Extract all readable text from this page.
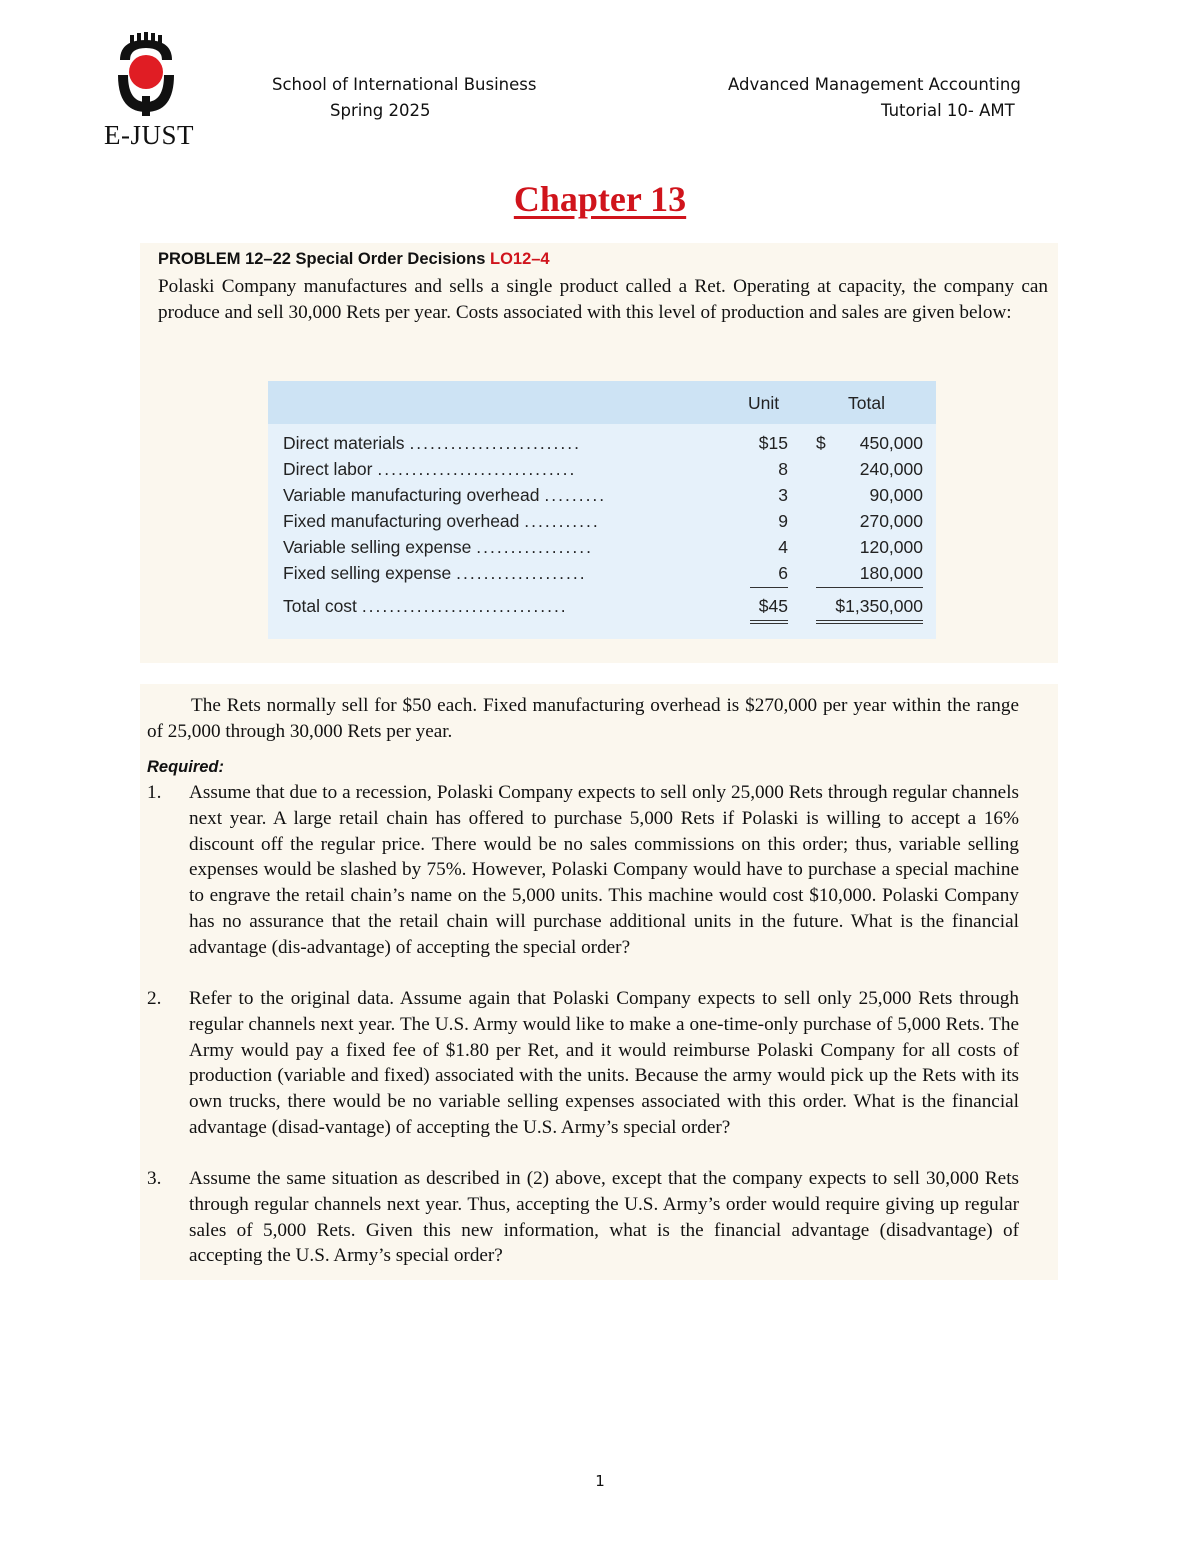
E-JUST
School of International Business
Spring 2025
Advanced Management Accounting
Tutorial 10- AMT
Chapter 13
PROBLEM 12–22 Special Order Decisions LO12–4
Polaski Company manufactures and sells a single product called a Ret. Operating at capacity, the company can produce and sell 30,000 Rets per year. Costs associated with this level of production and sales are given below:
Unit	Total
Direct materials .........................	$15 $ 450,000
Direct labor .............................	8	240,000
Variable manufacturing overhead .........	3	90,000
Fixed manufacturing overhead ...........	9	270,000
Variable selling expense .................	4	120,000
Fixed selling expense ...................	6	180,000
Total cost ..............................	$45	$1,350,000

The Rets normally sell for $50 each. Fixed manufacturing overhead is $270,000 per year within the range of 25,000 through 30,000 Rets per year.

Required:
1. Assume that due to a recession, Polaski Company expects to sell only 25,000 Rets through regular channels next year. A large retail chain has offered to purchase 5,000 Rets if Polaski is willing to accept a 16% discount off the regular price. There would be no sales commissions on this order; thus, variable selling expenses would be slashed by 75%. However, Polaski Company would have to purchase a special machine to engrave the retail chain’s name on the 5,000 units. This machine would cost $10,000. Polaski Company has no assurance that the retail chain will purchase additional units in the future. What is the financial advantage (dis-advantage) of accepting the special order?
2. Refer to the original data. Assume again that Polaski Company expects to sell only 25,000 Rets through regular channels next year. The U.S. Army would like to make a one-time-only purchase of 5,000 Rets. The Army would pay a fixed fee of $1.80 per Ret, and it would reimburse Polaski Company for all costs of production (variable and fixed) associated with the units. Because the army would pick up the Rets with its own trucks, there would be no variable selling expenses associated with this order. What is the financial advantage (disad-vantage) of accepting the U.S. Army’s special order?
3. Assume the same situation as described in (2) above, except that the company expects to sell 30,000 Rets through regular channels next year. Thus, accepting the U.S. Army’s order would require giving up regular sales of 5,000 Rets. Given this new information, what is the financial advantage (disadvantage) of accepting the U.S. Army’s special order?
1
